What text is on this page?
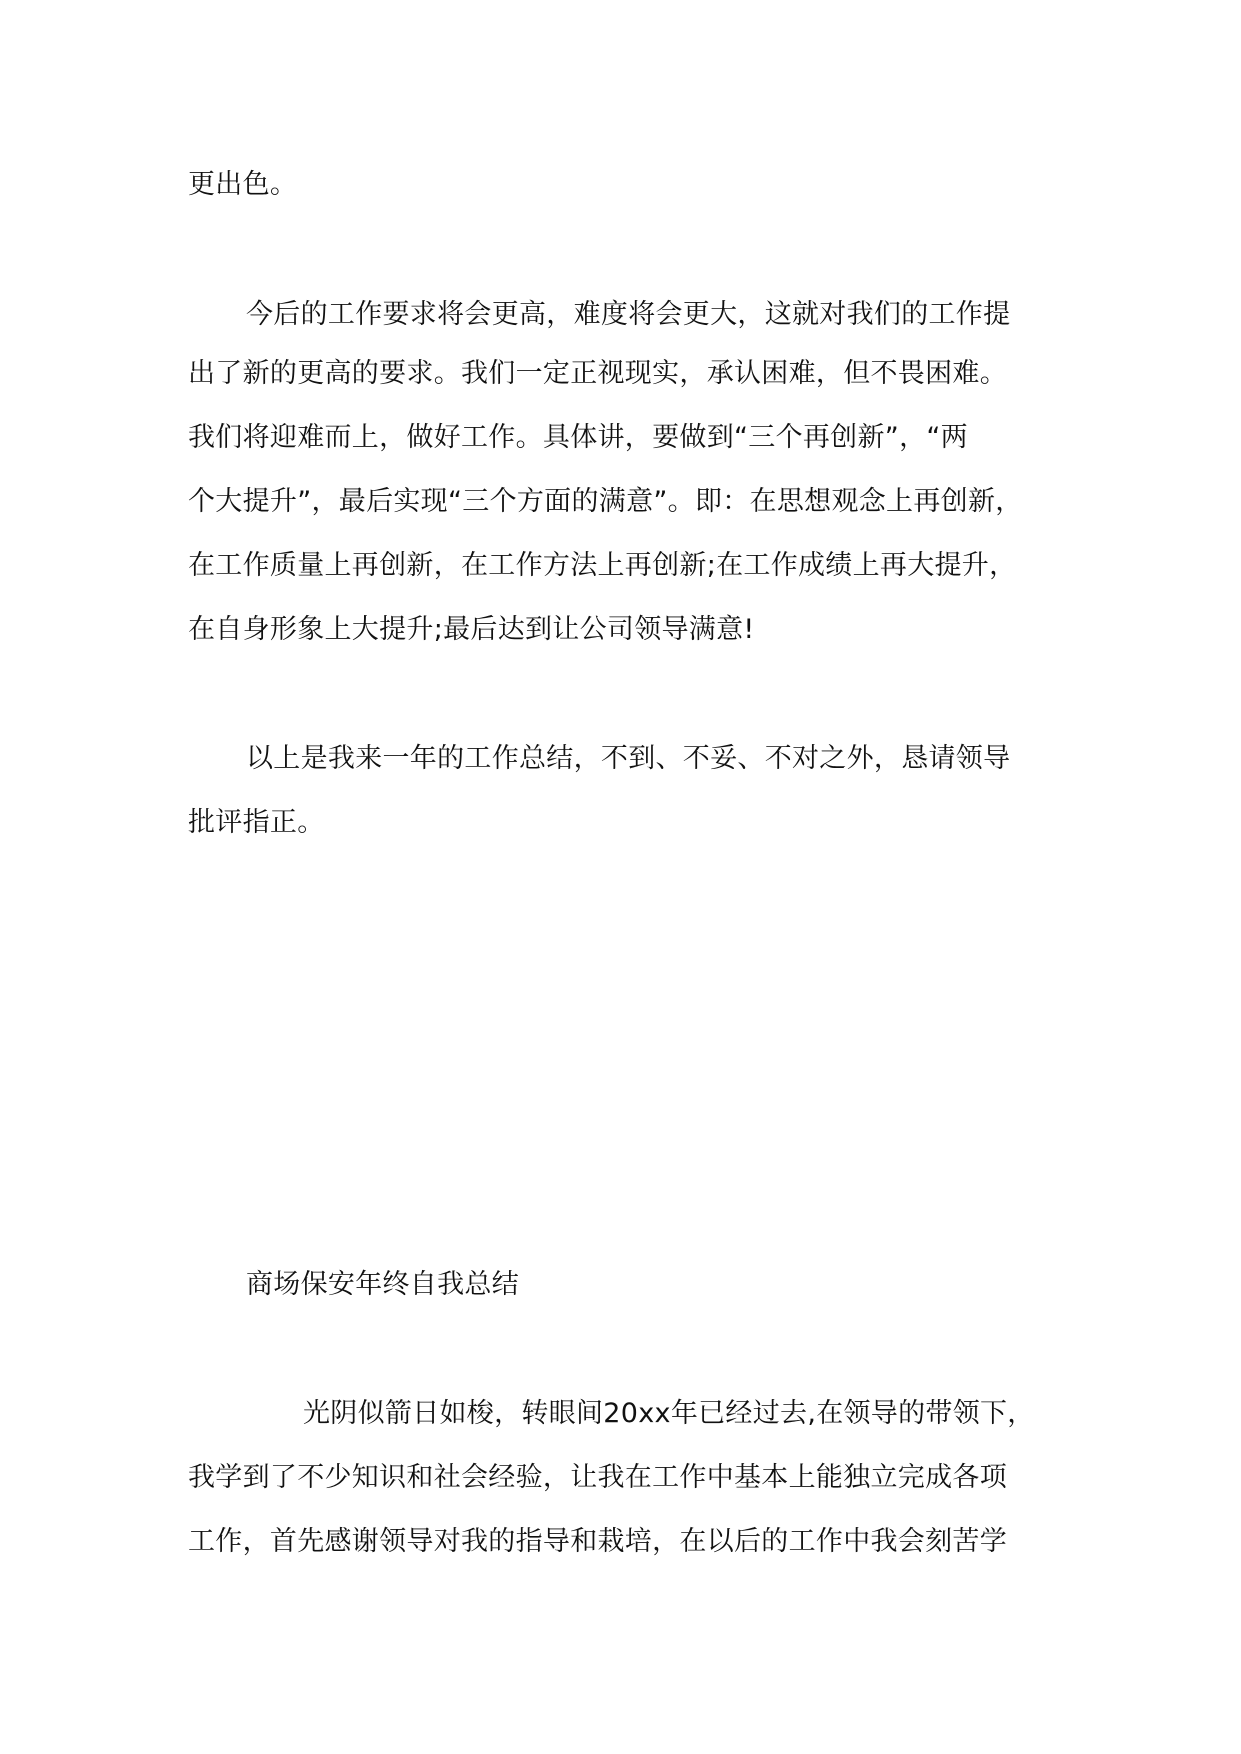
更出色。
今后的工作要求将会更高，难度将会更大，这就对我们的工作提
出了新的更高的要求。我们一定正视现实，承认困难，但不畏困难。
我们将迎难而上，做好工作。具体讲，要做到“三个再创新”，“两
个大提升”，最后实现“三个方面的满意”。即：在思想观念上再创新，
在工作质量上再创新，在工作方法上再创新;在工作成绩上再大提升，
在自身形象上大提升;最后达到让公司领导满意!
以上是我来一年的工作总结，不到、不妥、不对之外，恳请领导
批评指正。
商场保安年终自我总结
光阴似箭日如梭，转眼间20xx年已经过去,在领导的带领下，
我学到了不少知识和社会经验，让我在工作中基本上能独立完成各项
工作，首先感谢领导对我的指导和栽培，在以后的工作中我会刻苦学
